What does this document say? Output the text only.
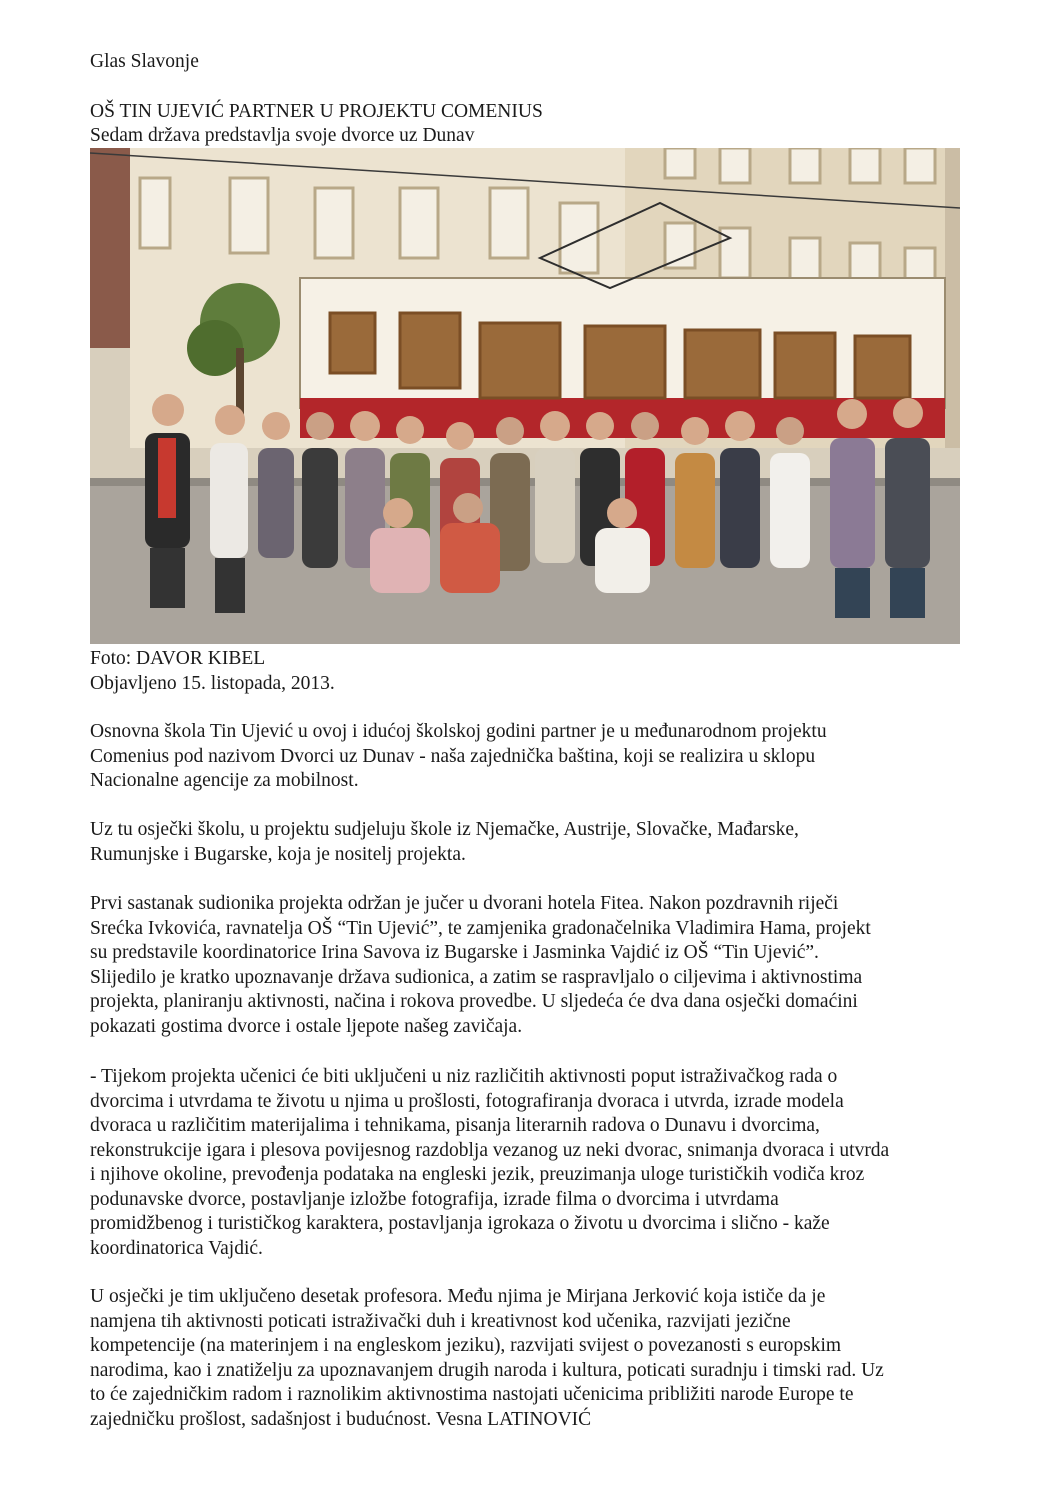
Glas Slavonje
OŠ TIN UJEVIĆ PARTNER U PROJEKTU COMENIUS
Sedam država predstavlja svoje dvorce uz Dunav
Foto: DAVOR KIBEL
Objavljeno 15. listopada, 2013.
Osnovna škola Tin Ujević u ovoj i idućoj školskoj godini partner je u međunarodnom projektu
Comenius pod nazivom Dvorci uz Dunav - naša zajednička baština, koji se realizira u sklopu
Nacionalne agencije za mobilnost.
Uz tu osječki školu, u projektu sudjeluju škole iz Njemačke, Austrije, Slovačke, Mađarske,
Rumunjske i Bugarske, koja je nositelj projekta.
Prvi sastanak sudionika projekta održan je jučer u dvorani hotela Fitea. Nakon pozdravnih riječi
Srećka Ivkovića, ravnatelja OŠ “Tin Ujević”, te zamjenika gradonačelnika Vladimira Hama, projekt
su predstavile koordinatorice Irina Savova iz Bugarske i Jasminka Vajdić iz OŠ “Tin Ujević”.
Slijedilo je kratko upoznavanje država sudionica, a zatim se raspravljalo o ciljevima i aktivnostima
projekta, planiranju aktivnosti, načina i rokova provedbe. U sljedeća će dva dana osječki domaćini
pokazati gostima dvorce i ostale ljepote našeg zavičaja.
- Tijekom projekta učenici će biti uključeni u niz različitih aktivnosti poput istraživačkog rada o
dvorcima i utvrdama te životu u njima u prošlosti, fotografiranja dvoraca i utvrda, izrade modela
dvoraca u različitim materijalima i tehnikama, pisanja literarnih radova o Dunavu i dvorcima,
rekonstrukcije igara i plesova povijesnog razdoblja vezanog uz neki dvorac, snimanja dvoraca i utvrda
i njihove okoline, prevođenja podataka na engleski jezik, preuzimanja uloge turističkih vodiča kroz
podunavske dvorce, postavljanje izložbe fotografija, izrade filma o dvorcima i utvrdama
promidžbenog i turističkog karaktera, postavljanja igrokaza o životu u dvorcima i slično - kaže
koordinatorica Vajdić.
U osječki je tim uključeno desetak profesora. Među njima je Mirjana Jerković koja ističe da je
namjena tih aktivnosti poticati istraživački duh i kreativnost kod učenika, razvijati jezične
kompetencije (na materinjem i na engleskom jeziku), razvijati svijest o povezanosti s europskim
narodima, kao i znatiželju za upoznavanjem drugih naroda i kultura, poticati suradnju i timski rad. Uz
to će zajedničkim radom i raznolikim aktivnostima nastojati učenicima približiti narode Europe te
zajedničku prošlost, sadašnjost i budućnost. Vesna LATINOVIĆ
